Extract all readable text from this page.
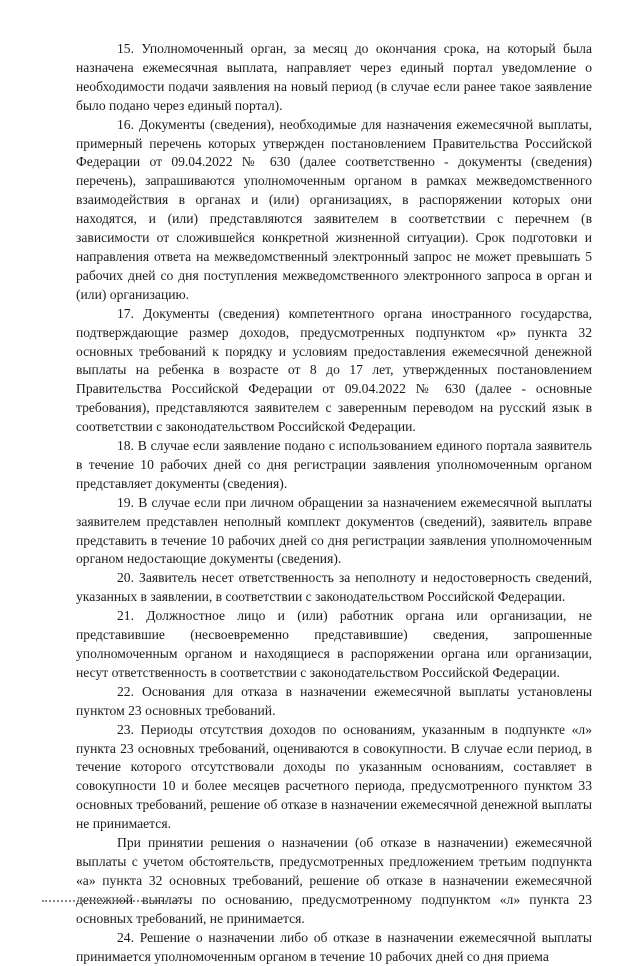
15. Уполномоченный орган, за месяц до окончания срока, на который была назначена ежемесячная выплата, направляет через единый портал уведомление о необходимости подачи заявления на новый период (в случае если ранее такое заявление было подано через единый портал).

16. Документы (сведения), необходимые для назначения ежемесячной выплаты, примерный перечень которых утвержден постановлением Правительства Российской Федерации от 09.04.2022 № 630 (далее соответственно - документы (сведения) перечень), запрашиваются уполномоченным органом в рамках межведомственного взаимодействия в органах и (или) организациях, в распоряжении которых они находятся, и (или) представляются заявителем в соответствии с перечнем (в зависимости от сложившейся конкретной жизненной ситуации). Срок подготовки и направления ответа на межведомственный электронный запрос не может превышать 5 рабочих дней со дня поступления межведомственного электронного запроса в орган и (или) организацию.

17. Документы (сведения) компетентного органа иностранного государства, подтверждающие размер доходов, предусмотренных подпунктом «р» пункта 32 основных требований к порядку и условиям предоставления ежемесячной денежной выплаты на ребенка в возрасте от 8 до 17 лет, утвержденных постановлением Правительства Российской Федерации от 09.04.2022 № 630 (далее - основные требования), представляются заявителем с заверенным переводом на русский язык в соответствии с законодательством Российской Федерации.

18. В случае если заявление подано с использованием единого портала заявитель в течение 10 рабочих дней со дня регистрации заявления уполномоченным органом представляет документы (сведения).

19. В случае если при личном обращении за назначением ежемесячной выплаты заявителем представлен неполный комплект документов (сведений), заявитель вправе представить в течение 10 рабочих дней со дня регистрации заявления уполномоченным органом недостающие документы (сведения).

20. Заявитель несет ответственность за неполноту и недостоверность сведений, указанных в заявлении, в соответствии с законодательством Российской Федерации.

21. Должностное лицо и (или) работник органа или организации, не представившие (несвоевременно представившие) сведения, запрошенные уполномоченным органом и находящиеся в распоряжении органа или организации, несут ответственность в соответствии с законодательством Российской Федерации.

22. Основания для отказа в назначении ежемесячной выплаты установлены пунктом 23 основных требований.

23. Периоды отсутствия доходов по основаниям, указанным в подпункте «л» пункта 23 основных требований, оцениваются в совокупности. В случае если период, в течение которого отсутствовали доходы по указанным основаниям, составляет в совокупности 10 и более месяцев расчетного периода, предусмотренного пунктом 33 основных требований, решение об отказе в назначении ежемесячной денежной выплаты не принимается.

При принятии решения о назначении (об отказе в назначении) ежемесячной выплаты с учетом обстоятельств, предусмотренных предложением третьим подпункта «а» пункта 32 основных требований, решение об отказе в назначении ежемесячной денежной выплаты по основанию, предусмотренному подпунктом «л» пункта 23 основных требований, не принимается.

24. Решение о назначении либо об отказе в назначении ежемесячной выплаты принимается уполномоченным органом в течение 10 рабочих дней со дня приема
